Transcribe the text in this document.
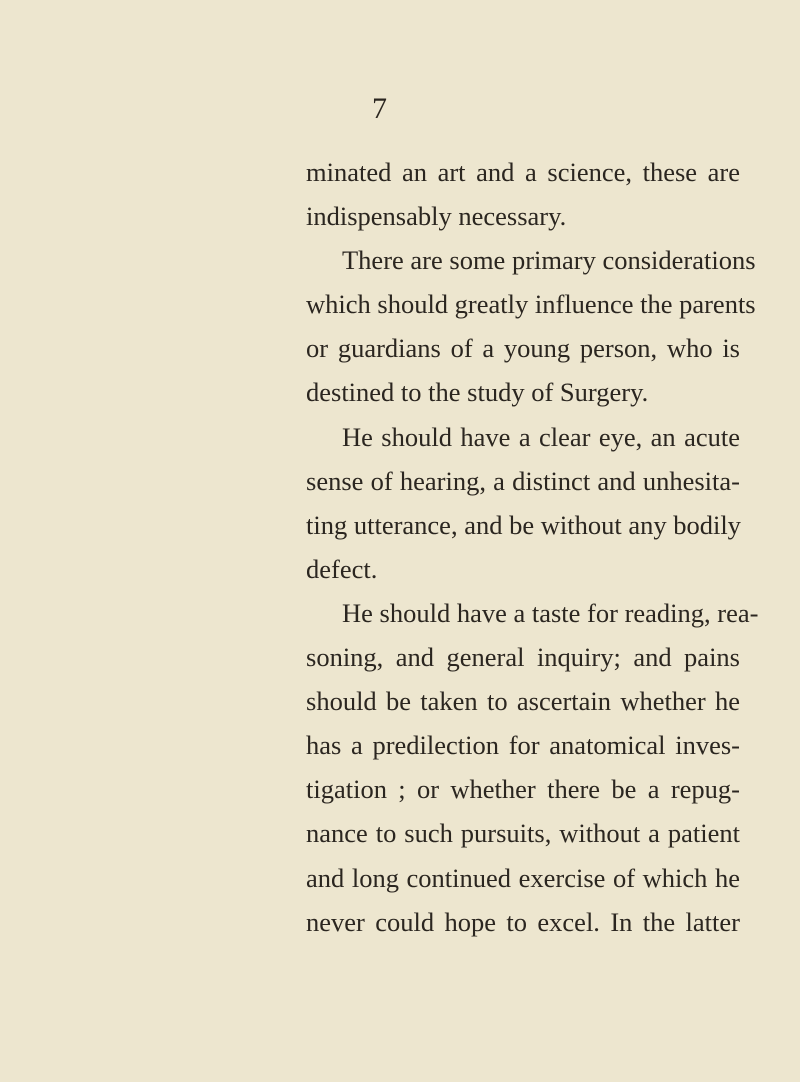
7
minated an art and a science, these are
indispensably necessary.
There are some primary considerations
which should greatly influence the parents
or guardians of a young person, who is
destined to the study of Surgery.
He should have a clear eye, an acute
sense of hearing, a distinct and unhesita-
ting utterance, and be without any bodily
defect.
He should have a taste for reading, rea-
soning, and general inquiry; and pains
should be taken to ascertain whether he
has a predilection for anatomical inves-
tigation ; or whether there be a repug-
nance to such pursuits, without a patient
and long continued exercise of which he
never could hope to excel. In the latter
